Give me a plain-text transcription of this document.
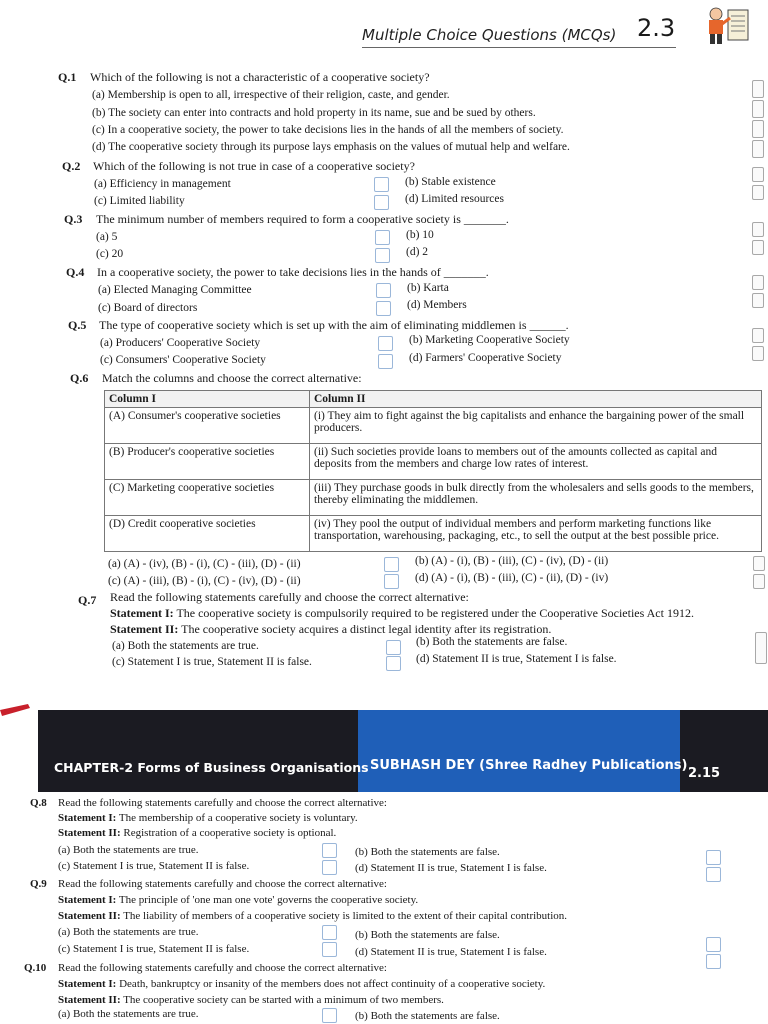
Multiple Choice Questions (MCQs) 2.3
Q.1 Which of the following is not a characteristic of a cooperative society?
(a) Membership is open to all, irrespective of their religion, caste, and gender.
(b) The society can enter into contracts and hold property in its name, sue and be sued by others.
(c) In a cooperative society, the power to take decisions lies in the hands of all the members of society.
(d) The cooperative society through its purpose lays emphasis on the values of mutual help and welfare.
Q.2 Which of the following is not true in case of a cooperative society?
(a) Efficiency in management	(b) Stable existence
(c) Limited liability	(d) Limited resources
Q.3 The minimum number of members required to form a cooperative society is _______.
(a) 5	(b) 10
(c) 20	(d) 2
Q.4 In a cooperative society, the power to take decisions lies in the hands of _______.
(a) Elected Managing Committee	(b) Karta
(c) Board of directors	(d) Members
Q.5 The type of cooperative society which is set up with the aim of eliminating middlemen is ______.
(a) Producers' Cooperative Society	(b) Marketing Cooperative Society
(c) Consumers' Cooperative Society	(d) Farmers' Cooperative Society
Q.6 Match the columns and choose the correct alternative:
Column I	Column II
(A) Consumer's cooperative societies	(i) They aim to fight against the big capitalists and enhance the bargaining power of the small producers.
(B) Producer's cooperative societies	(ii) Such societies provide loans to members out of the amounts collected as capital and deposits from the members and charge low rates of interest.
(C) Marketing cooperative societies	(iii) They purchase goods in bulk directly from the wholesalers and sells goods to the members, thereby eliminating the middlemen.
(D) Credit cooperative societies	(iv) They pool the output of individual members and perform marketing functions like transportation, warehousing, packaging, etc., to sell the output at the best possible price.
(a) (A) - (iv), (B) - (i), (C) - (iii), (D) - (ii)	(b) (A) - (i), (B) - (iii), (C) - (iv), (D) - (ii)
(c) (A) - (iii), (B) - (i), (C) - (iv), (D) - (ii)	(d) (A) - (i), (B) - (iii), (C) - (ii), (D) - (iv)
Q.7 Read the following statements carefully and choose the correct alternative:
Statement I: The cooperative society is compulsorily required to be registered under the Cooperative Societies Act 1912.
Statement II: The cooperative society acquires a distinct legal identity after its registration.
(a) Both the statements are true.	(b) Both the statements are false.
(c) Statement I is true, Statement II is false.	(d) Statement II is true, Statement I is false.
CHAPTER-2 Forms of Business Organisations SUBHASH DEY (Shree Radhey Publications)
2.15
Q.8 Read the following statements carefully and choose the correct alternative:
Statement I: The membership of a cooperative society is voluntary.
Statement II: Registration of a cooperative society is optional.
(a) Both the statements are true.	(b) Both the statements are false.
(c) Statement I is true, Statement II is false.	(d) Statement II is true, Statement I is false.
Q.9 Read the following statements carefully and choose the correct alternative:
Statement I: The principle of 'one man one vote' governs the cooperative society.
Statement II: The liability of members of a cooperative society is limited to the extent of their capital contribution.
(a) Both the statements are true.	(b) Both the statements are false.
(c) Statement I is true, Statement II is false.	(d) Statement II is true, Statement I is false.
Q.10 Read the following statements carefully and choose the correct alternative:
Statement I: Death, bankruptcy or insanity of the members does not affect continuity of a cooperative society.
Statement II: The cooperative society can be started with a minimum of two members.
(a) Both the statements are true.	(b) Both the statements are false.
